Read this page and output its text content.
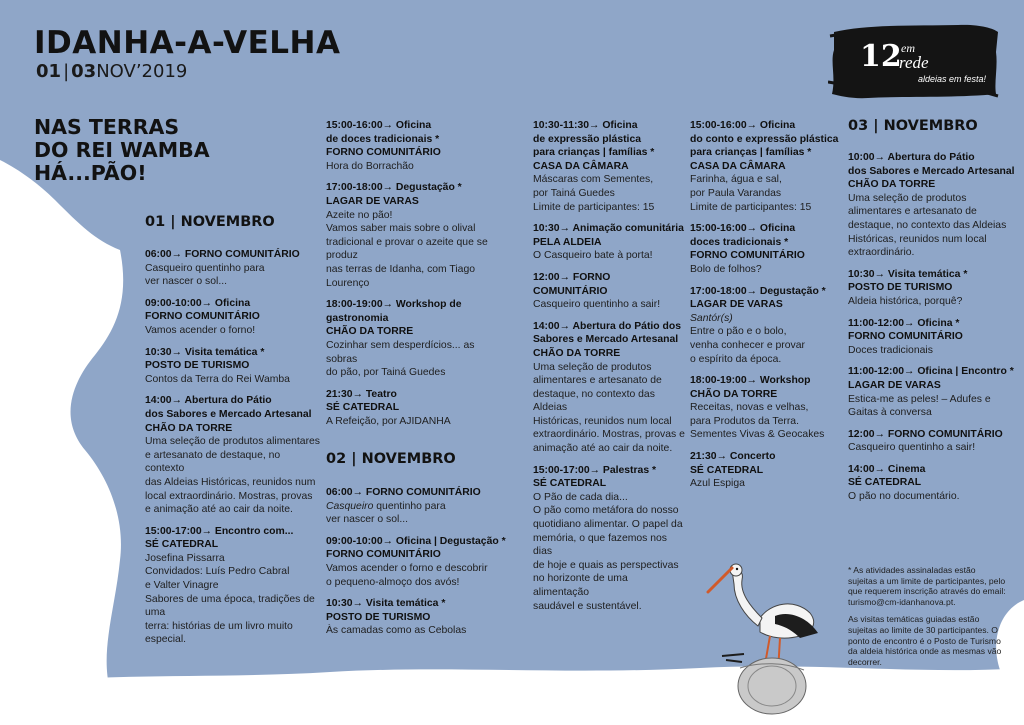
IDANHA-A-VELHA
01 | 03NOV’2019
NAS TERRAS
DO REI WAMBA
HÁ...PÃO!
12 em
rede
aldeias em festa!
01 | NOVEMBRO
06:00→ FORNO COMUNITÁRIO
Casqueiro quentinho para
ver nascer o sol...
09:00-10:00→ Oficina
FORNO COMUNITÁRIO
Vamos acender o forno!
10:30→ Visita temática *
POSTO DE TURISMO
Contos da Terra do Rei Wamba
14:00→ Abertura do Pátio
dos Sabores e Mercado Artesanal
CHÃO DA TORRE
Uma seleção de produtos alimentares
e artesanato de destaque, no contexto
das Aldeias Históricas, reunidos num
local extraordinário. Mostras, provas
e animação até ao cair da noite.
15:00-17:00→ Encontro com...
SÉ CATEDRAL
Josefina Pissarra
Convidados: Luís Pedro Cabral
e Valter Vinagre
Sabores de uma época, tradições de uma
terra: histórias de um livro muito especial.
15:00-16:00→ Oficina
de doces tradicionais *
FORNO COMUNITÁRIO
Hora do Borrachão
17:00-18:00→ Degustação *
LAGAR DE VARAS
Azeite no pão!
Vamos saber mais sobre o olival
tradicional e provar o azeite que se produz
nas terras de Idanha, com Tiago Lourenço
18:00-19:00→ Workshop de gastronomia
CHÃO DA TORRE
Cozinhar sem desperdícios... as sobras
do pão, por Tainá Guedes
21:30→ Teatro
SÉ CATEDRAL
A Refeição, por AJIDANHA
02 | NOVEMBRO
06:00→ FORNO COMUNITÁRIO
Casqueiro quentinho para
ver nascer o sol...
09:00-10:00→ Oficina | Degustação *
FORNO COMUNITÁRIO
Vamos acender o forno e descobrir
o pequeno-almoço dos avós!
10:30→ Visita temática *
POSTO DE TURISMO
Às camadas como as Cebolas
10:30-11:30→ Oficina
de expressão plástica
para crianças | famílias *
CASA DA CÂMARA
Máscaras com Sementes,
por Tainá Guedes
Limite de participantes: 15
10:30→ Animação comunitária
PELA ALDEIA
O Casqueiro bate à porta!
12:00→ FORNO COMUNITÁRIO
Casqueiro quentinho a sair!
14:00→ Abertura do Pátio dos
Sabores e Mercado Artesanal
CHÃO DA TORRE
Uma seleção de produtos
alimentares e artesanato de
destaque, no contexto das Aldeias
Históricas, reunidos num local
extraordinário. Mostras, provas e
animação até ao cair da noite.
15:00-17:00→ Palestras *
SÉ CATEDRAL
O Pão de cada dia...
O pão como metáfora do nosso
quotidiano alimentar. O papel da
memória, o que fazemos nos dias
de hoje e quais as perspectivas
no horizonte de uma alimentação
saudável e sustentável.
15:00-16:00→ Oficina
do conto e expressão plástica
para crianças | famílias *
CASA DA CÂMARA
Farinha, água e sal,
por Paula Varandas
Limite de participantes: 15
15:00-16:00→ Oficina
doces tradicionais *
FORNO COMUNITÁRIO
Bolo de folhos?
17:00-18:00→ Degustação *
LAGAR DE VARAS
Santór(s)
Entre o pão e o bolo,
venha conhecer e provar
o espírito da época.
18:00-19:00→ Workshop
CHÃO DA TORRE
Receitas, novas e velhas,
para Produtos da Terra.
Sementes Vivas & Geocakes
21:30→ Concerto
SÉ CATEDRAL
Azul Espiga
03 | NOVEMBRO
10:00→ Abertura do Pátio
dos Sabores e Mercado Artesanal
CHÃO DA TORRE
Uma seleção de produtos
alimentares e artesanato de
destaque, no contexto das Aldeias
Históricas, reunidos num local
extraordinário.
10:30→ Visita temática *
POSTO DE TURISMO
Aldeia histórica, porquê?
11:00-12:00→ Oficina *
FORNO COMUNITÁRIO
Doces tradicionais
11:00-12:00→ Oficina | Encontro *
LAGAR DE VARAS
Estica-me as peles! – Adufes e
Gaitas à conversa
12:00→ FORNO COMUNITÁRIO
Casqueiro quentinho a sair!
14:00→ Cinema
SÉ CATEDRAL
O pão no documentário.

* As atividades assinaladas estão sujeitas a um limite de participantes, pelo que requerem inscrição através do email: turismo@cm-idanhanova.pt.

As visitas temáticas guiadas estão sujeitas ao limite de 30 participantes. O ponto de encontro é o Posto de Turismo da aldeia histórica onde as mesmas vão decorrer.
